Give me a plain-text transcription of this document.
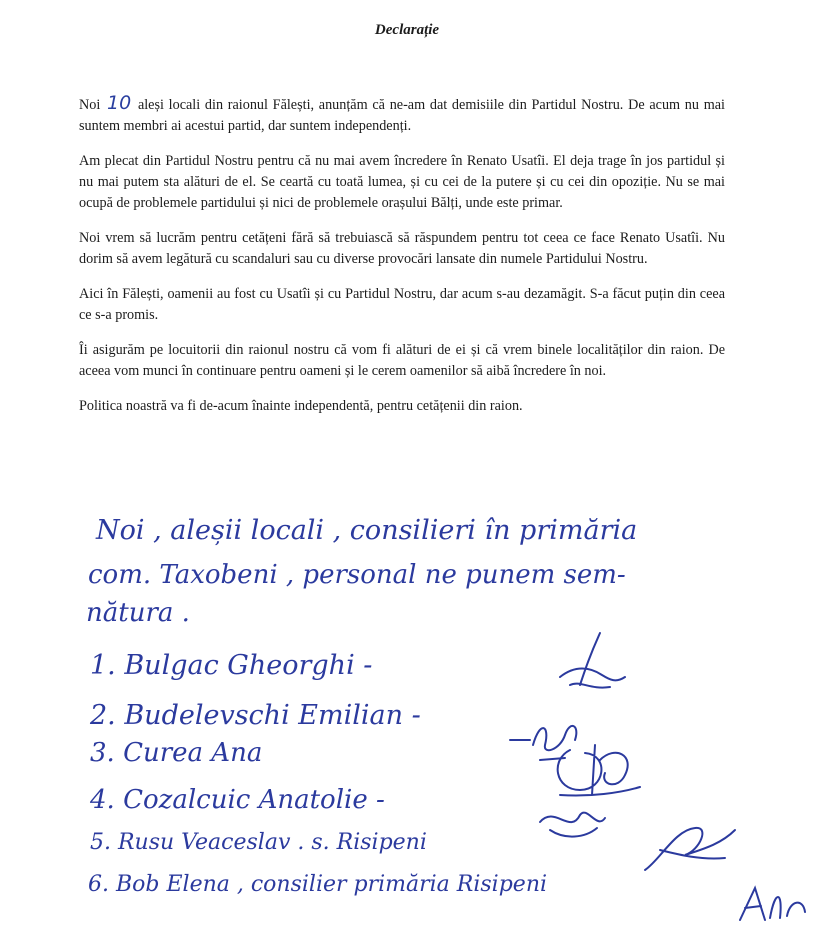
Declarație

Noi 10 aleși locali din raionul Fălești, anunțăm că ne-am dat demisiile din Partidul Nostru. De acum nu mai suntem membri ai acestui partid, dar suntem independenți.

Am plecat din Partidul Nostru pentru că nu mai avem încredere în Renato Usatîi. El deja trage în jos partidul și nu mai putem sta alături de el. Se ceartă cu toată lumea, și cu cei de la putere și cu cei din opoziție. Nu se mai ocupă de problemele partidului și nici de problemele orașului Bălți, unde este primar.

Noi vrem să lucrăm pentru cetățeni fără să trebuiască să răspundem pentru tot ceea ce face Renato Usatîi. Nu dorim să avem legătură cu scandaluri sau cu diverse provocări lansate din numele Partidului Nostru.

Aici în Fălești, oamenii au fost cu Usatîi și cu Partidul Nostru, dar acum s-au dezamăgit. S-a făcut puțin din ceea ce s-a promis.

Îi asigurăm pe locuitorii din raionul nostru că vom fi alături de ei și că vrem binele localităților din raion. De aceea vom munci în continuare pentru oameni și le cerem oamenilor să aibă încredere în noi.

Politica noastră va fi de-acum înainte independentă, pentru cetățenii din raion.

Noi , aleșii locali , consilieri în primăria
com. Taxobeni , personal ne punem sem-
nătura .
1. Bulgac Gheorghi -
2. Budelevschi Emilian -
3. Curea Ana
4. Cozalcuic Anatolie -
5. Rusu Veaceslav . s. Risipeni
6. Bob Elena , consilier primăria Risipeni
